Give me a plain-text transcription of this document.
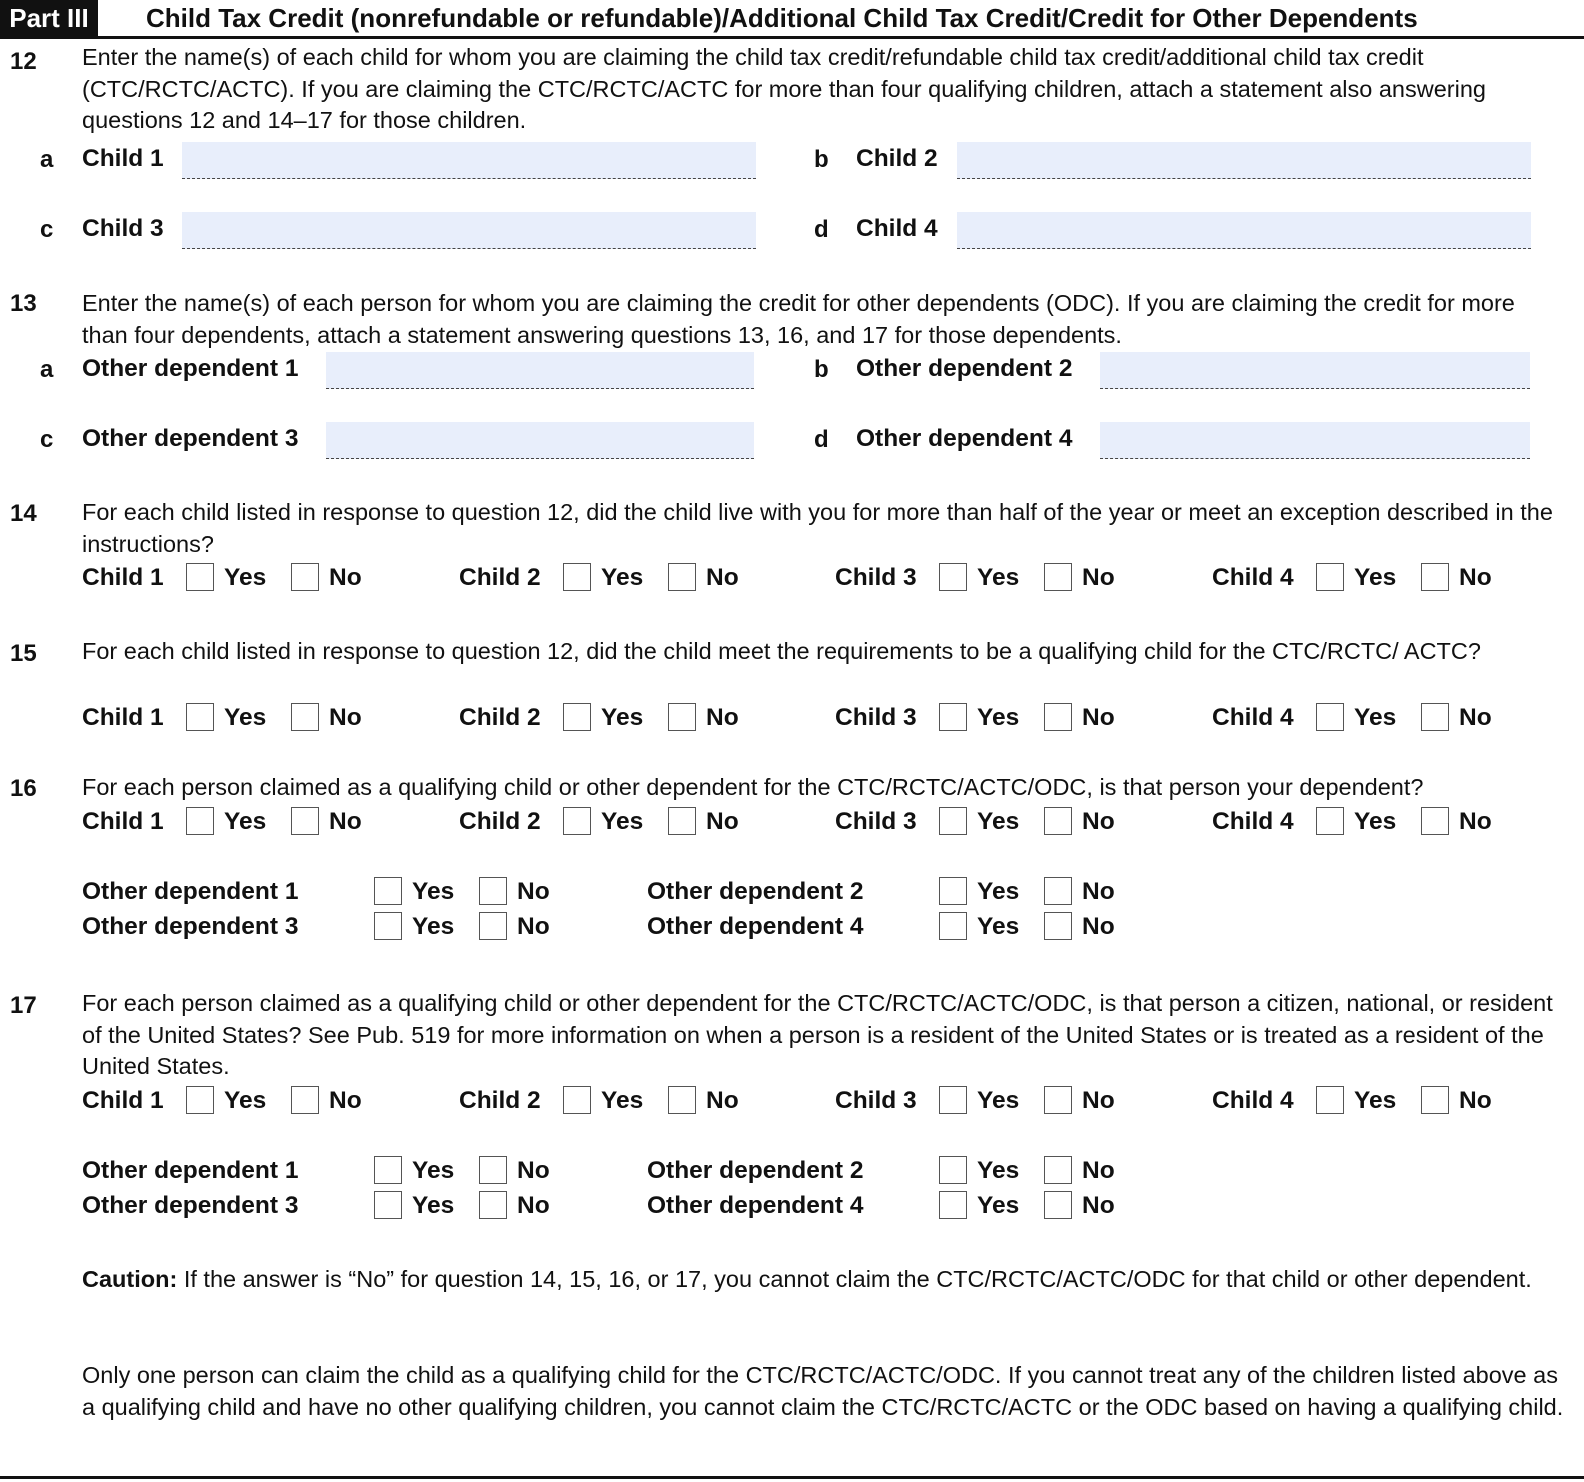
Part III	Child Tax Credit (nonrefundable or refundable)/Additional Child Tax Credit/Credit for Other Dependents
12 Enter the name(s) of each child for whom you are claiming the child tax credit/refundable child tax credit/additional child tax credit (CTC/RCTC/ACTC). If you are claiming the CTC/RCTC/ACTC for more than four qualifying children, attach a statement also answering questions 12 and 14–17 for those children.
a Child 1	b Child 2
c Child 3	d Child 4
13 Enter the name(s) of each person for whom you are claiming the credit for other dependents (ODC). If you are claiming the credit for more than four dependents, attach a statement answering questions 13, 16, and 17 for those dependents.
a Other dependent 1	b Other dependent 2
c Other dependent 3	d Other dependent 4
14 For each child listed in response to question 12, did the child live with you for more than half of the year or meet an exception described in the instructions?
Child 1 Yes	No	Child 2 Yes	No	Child 3 Yes	No	Child 4 Yes	No
15 For each child listed in response to question 12, did the child meet the requirements to be a qualifying child for the CTC/RCTC/ ACTC?
Child 1 Yes	No	Child 2 Yes	No	Child 3 Yes	No	Child 4 Yes	No
16 For each person claimed as a qualifying child or other dependent for the CTC/RCTC/ACTC/ODC, is that person your dependent?
Child 1 Yes	No	Child 2 Yes	No	Child 3 Yes	No	Child 4 Yes	No
Other dependent 1	Yes	No	Other dependent 2	Yes	No
Other dependent 3	Yes	No	Other dependent 4	Yes	No
17 For each person claimed as a qualifying child or other dependent for the CTC/RCTC/ACTC/ODC, is that person a citizen, national, or resident of the United States? See Pub. 519 for more information on when a person is a resident of the United States or is treated as a resident of the United States.
Child 1 Yes	No	Child 2 Yes	No	Child 3 Yes	No	Child 4 Yes	No
Other dependent 1	Yes	No	Other dependent 2	Yes	No
Other dependent 3	Yes	No	Other dependent 4	Yes	No
Caution: If the answer is “No” for question 14, 15, 16, or 17, you cannot claim the CTC/RCTC/ACTC/ODC for that child or other dependent.
Only one person can claim the child as a qualifying child for the CTC/RCTC/ACTC/ODC. If you cannot treat any of the children listed above as a qualifying child and have no other qualifying children, you cannot claim the CTC/RCTC/ACTC or the ODC based on having a qualifying child.
